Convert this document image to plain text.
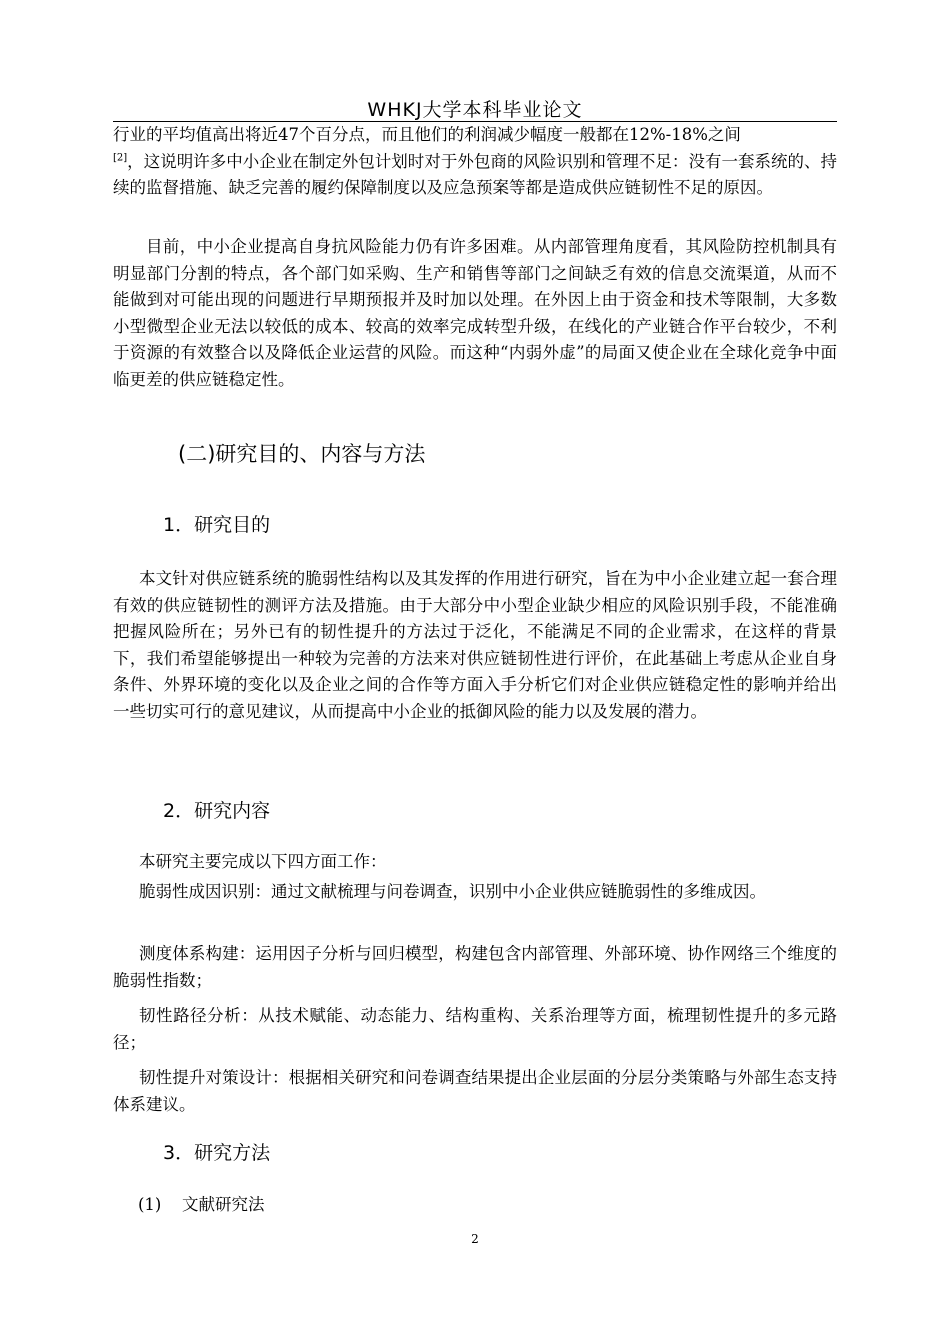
WHKJ大学本科毕业论文
行业的平均值高出将近47个百分点，而且他们的利润减少幅度一般都在12%-18%之间
[2]，这说明许多中小企业在制定外包计划时对于外包商的风险识别和管理不足：没有一套系统的、持续的监督措施、缺乏完善的履约保障制度以及应急预案等都是造成供应链韧性不足的原因。
目前，中小企业提高自身抗风险能力仍有许多困难。从内部管理角度看，其风险防控机制具有明显部门分割的特点，各个部门如采购、生产和销售等部门之间缺乏有效的信息交流渠道，从而不能做到对可能出现的问题进行早期预报并及时加以处理。在外因上由于资金和技术等限制，大多数小型微型企业无法以较低的成本、较高的效率完成转型升级，在线化的产业链合作平台较少，不利于资源的有效整合以及降低企业运营的风险。而这种“内弱外虚”的局面又使企业在全球化竞争中面临更差的供应链稳定性。
(二)研究目的、内容与方法
1．研究目的
本文针对供应链系统的脆弱性结构以及其发挥的作用进行研究，旨在为中小企业建立起一套合理有效的供应链韧性的测评方法及措施。由于大部分中小型企业缺少相应的风险识别手段，不能准确把握风险所在；另外已有的韧性提升的方法过于泛化，不能满足不同的企业需求，在这样的背景下，我们希望能够提出一种较为完善的方法来对供应链韧性进行评价，在此基础上考虑从企业自身条件、外界环境的变化以及企业之间的合作等方面入手分析它们对企业供应链稳定性的影响并给出一些切实可行的意见建议，从而提高中小企业的抵御风险的能力以及发展的潜力。
2．研究内容
本研究主要完成以下四方面工作：
脆弱性成因识别：通过文献梳理与问卷调查，识别中小企业供应链脆弱性的多维成因。
测度体系构建：运用因子分析与回归模型，构建包含内部管理、外部环境、协作网络三个维度的脆弱性指数；
韧性路径分析：从技术赋能、动态能力、结构重构、关系治理等方面，梳理韧性提升的多元路径；
韧性提升对策设计：根据相关研究和问卷调查结果提出企业层面的分层分类策略与外部生态支持体系建议。
3．研究方法
(1) 文献研究法
2
